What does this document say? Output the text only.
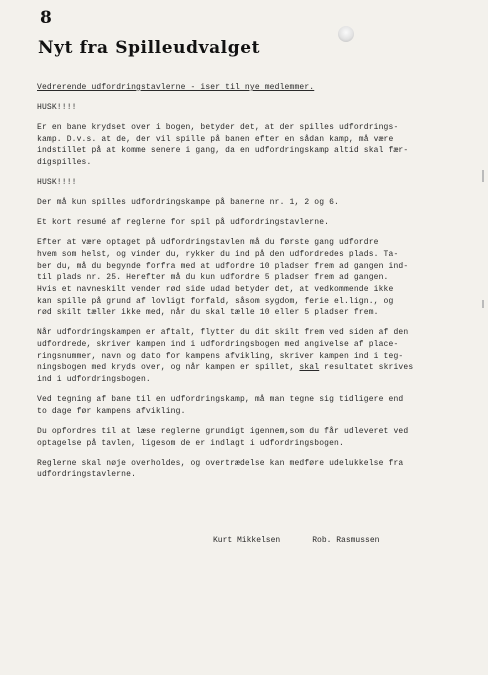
8
Nyt fra Spilleudvalget

Vedrerende udfordringstavlerne - iser til nye medlemmer.

HUSK!!!!

Er en bane krydset over i bogen, betyder det, at der spilles udfordrings-
kamp. D.v.s. at de, der vil spille på banen efter en sådan kamp, må være
indstillet på at komme senere i gang, da en udfordringskamp altid skal fær-
digspilles.

HUSK!!!!

Der må kun spilles udfordringskampe på banerne nr. 1, 2 og 6.

Et kort resumé af reglerne for spil på udfordringstavlerne.

Efter at være optaget på udfordringstavlen må du første gang udfordre
hvem som helst, og vinder du, rykker du ind på den udfordredes plads. Ta-
ber du, må du begynde forfra med at udfordre 10 pladser frem ad gangen ind-
til plads nr. 25. Herefter må du kun udfordre 5 pladser frem ad gangen.
Hvis et navneskilt vender rød side udad betyder det, at vedkommende ikke
kan spille på grund af lovligt forfald, såsom sygdom, ferie el.lign., og
rød skilt tæller ikke med, når du skal tælle 10 eller 5 pladser frem.

Når udfordringskampen er aftalt, flytter du dit skilt frem ved siden af den
udfordrede, skriver kampen ind i udfordringsbogen med angivelse af place-
ringsnummer, navn og dato for kampens afvikling, skriver kampen ind i teg-
ningsbogen med kryds over, og når kampen er spillet, skal resultatet skrives
ind i udfordringsbogen.

Ved tegning af bane til en udfordringskamp, må man tegne sig tidligere end
to dage før kampens afvikling.

Du opfordres til at læse reglerne grundigt igennem,som du får udleveret ved
optagelse på tavlen, ligesom de er indlagt i udfordringsbogen.

Reglerne skal nøje overholdes, og overtrædelse kan medføre udelukkelse fra
udfordringstavlerne.

Kurt Mikkelsen	Rob. Rasmussen
